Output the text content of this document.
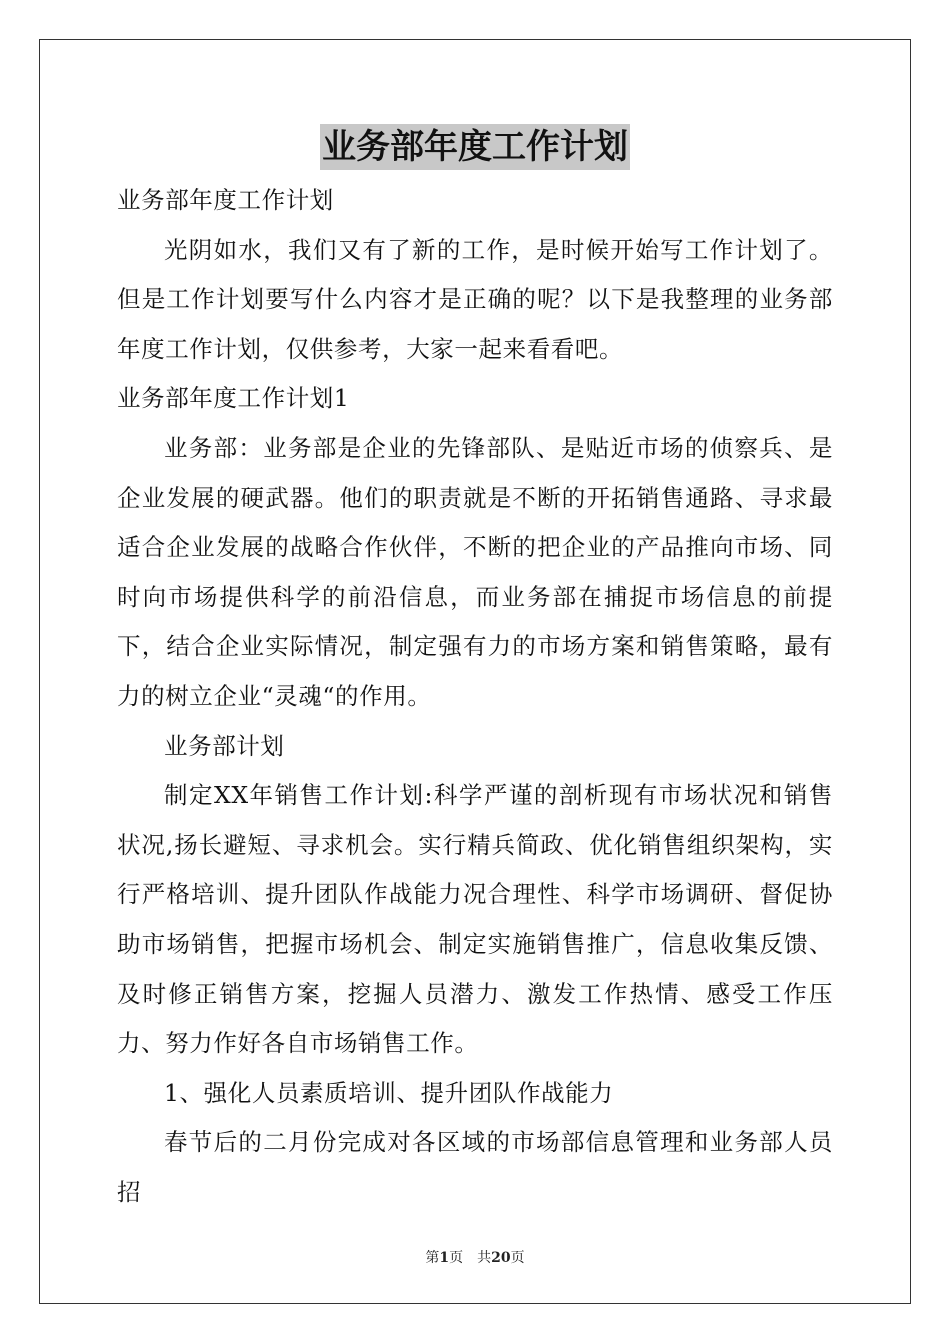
业务部年度工作计划

业务部年度工作计划

光阴如水，我们又有了新的工作，是时候开始写工作计划了。但是工作计划要写什么内容才是正确的呢？以下是我整理的业务部年度工作计划，仅供参考，大家一起来看看吧。

业务部年度工作计划1

业务部：业务部是企业的先锋部队、是贴近市场的侦察兵、是企业发展的硬武器。他们的职责就是不断的开拓销售通路、寻求最适合企业发展的战略合作伙伴，不断的把企业的产品推向市场、同时向市场提供科学的前沿信息，而业务部在捕捉市场信息的前提下，结合企业实际情况，制定强有力的市场方案和销售策略，最有力的树立企业“灵魂“的作用。

业务部计划

制定XX年销售工作计划:科学严谨的剖析现有市场状况和销售状况,扬长避短、寻求机会。实行精兵简政、优化销售组织架构，实行严格培训、提升团队作战能力况合理性、科学市场调研、督促协助市场销售，把握市场机会、制定实施销售推广，信息收集反馈、及时修正销售方案，挖掘人员潜力、激发工作热情、感受工作压力、努力作好各自市场销售工作。

1、强化人员素质培训、提升团队作战能力

春节后的二月份完成对各区域的市场部信息管理和业务部人员招

第1页　共20页
